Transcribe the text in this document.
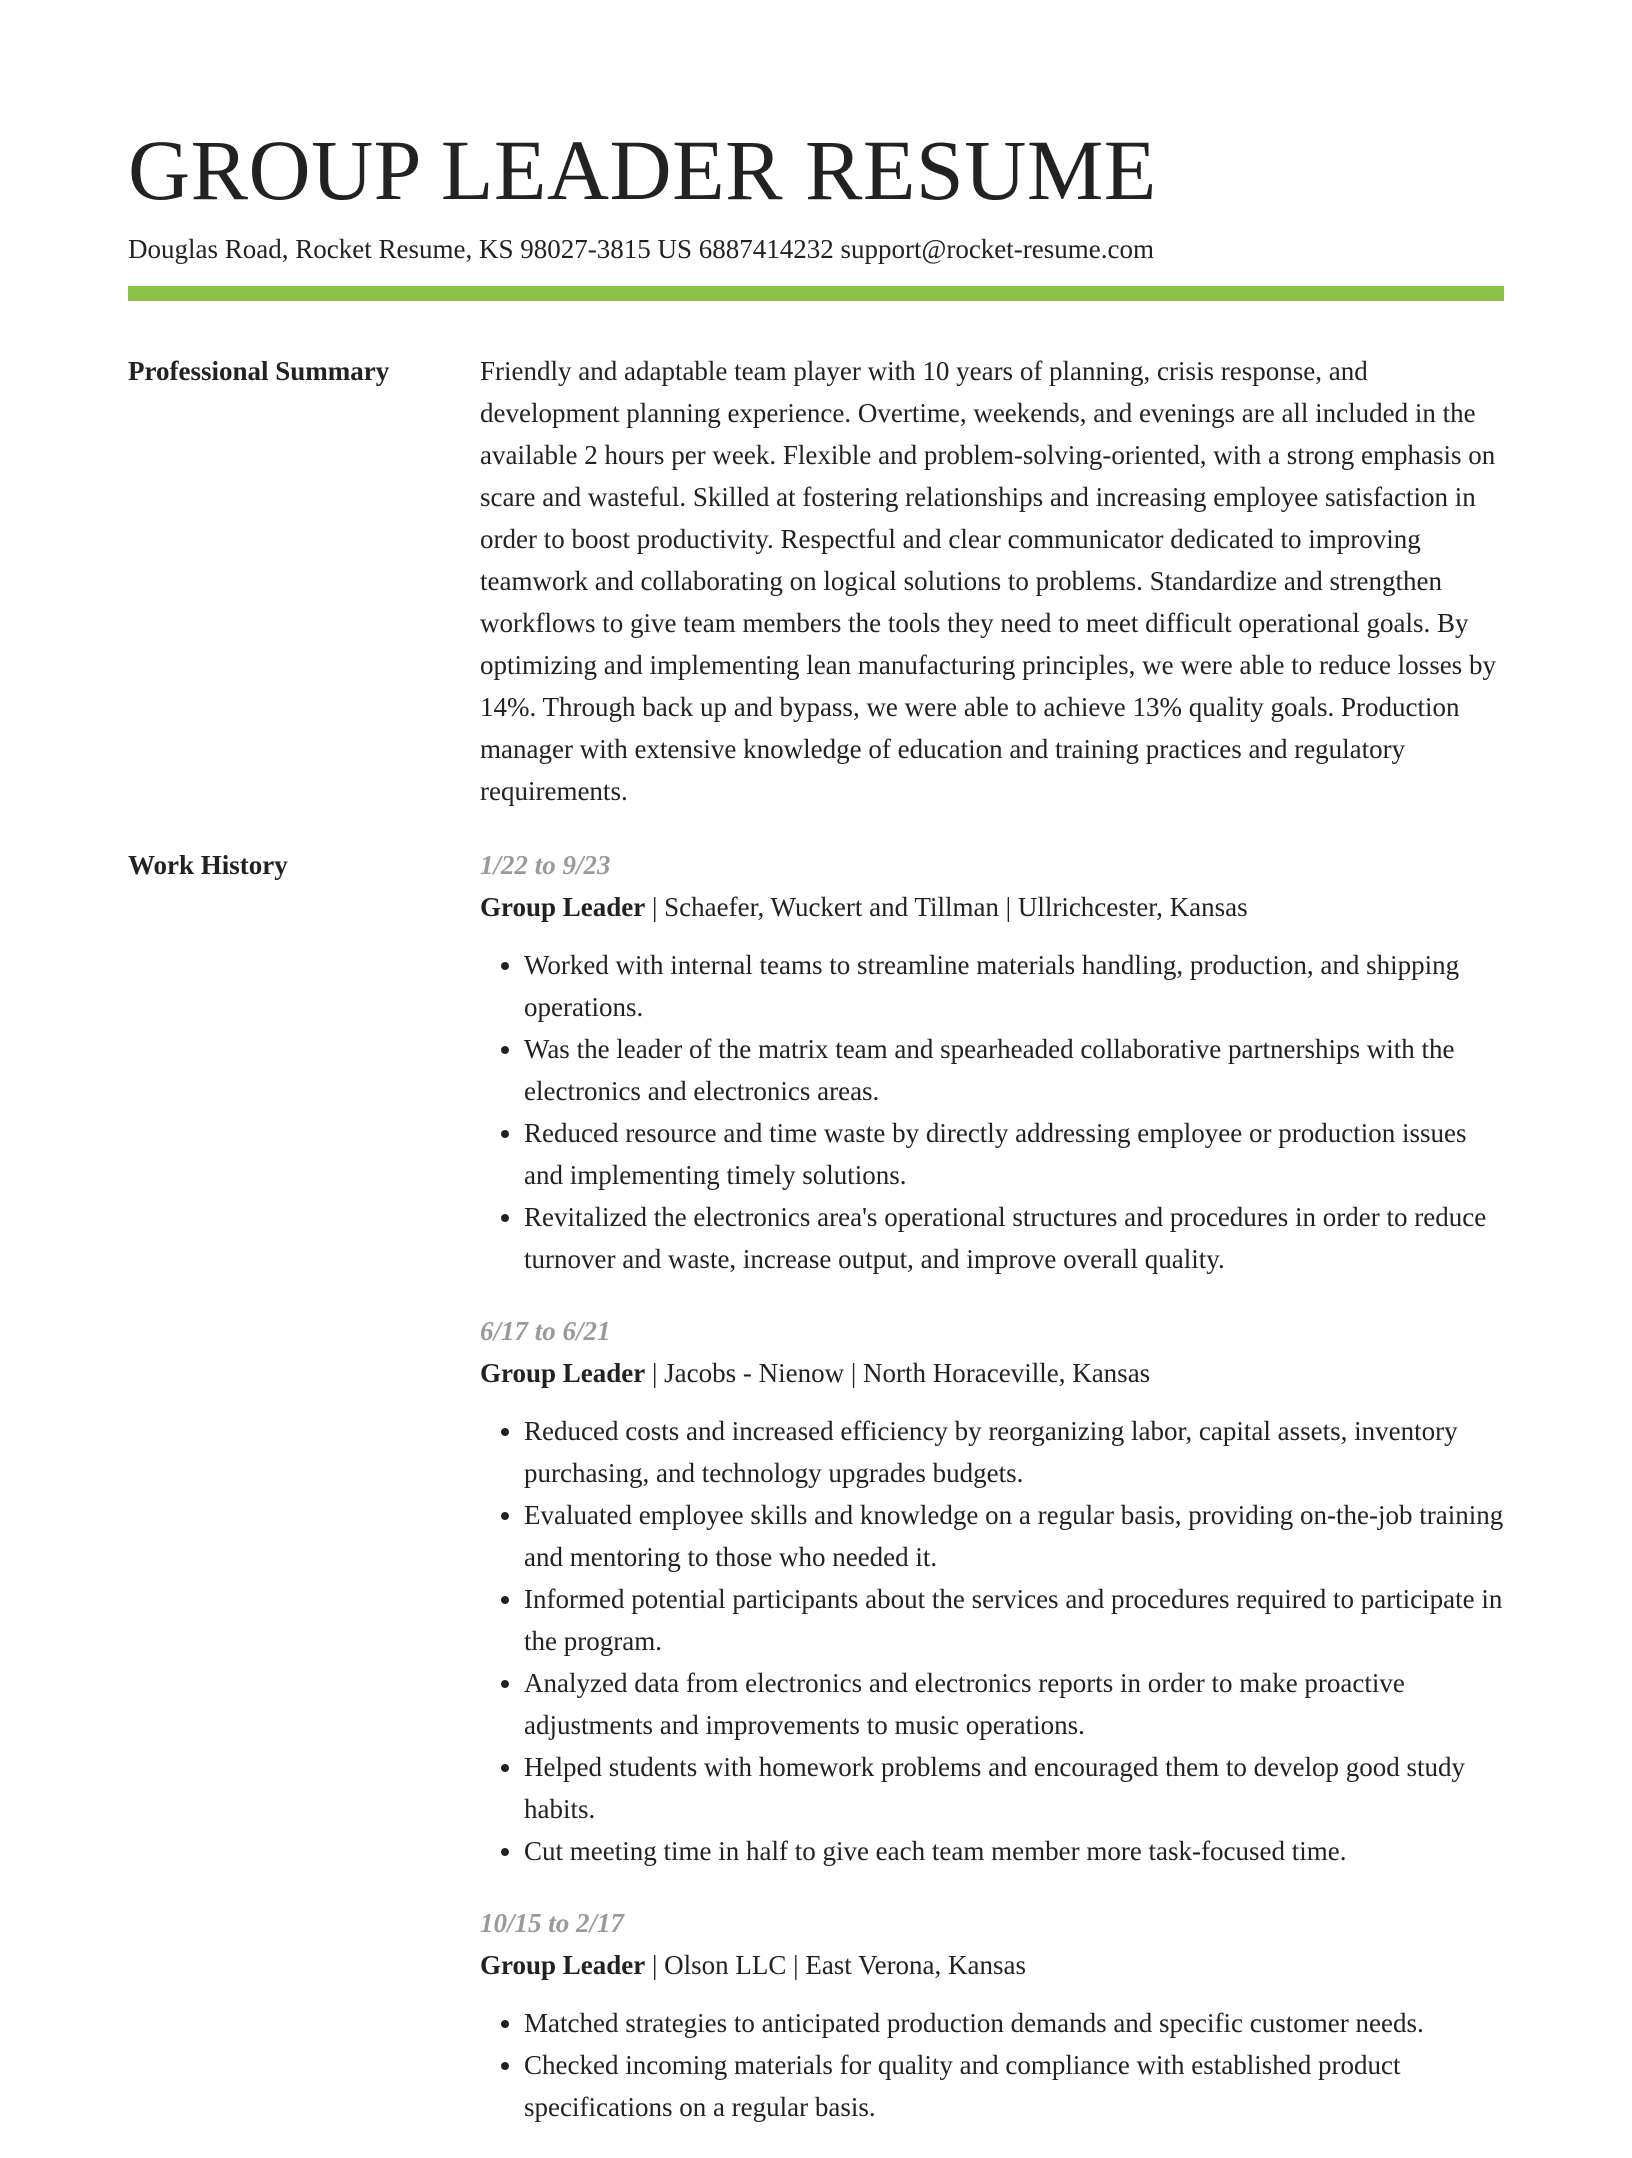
GROUP LEADER RESUME
Douglas Road, Rocket Resume, KS 98027-3815 US 6887414232 support@rocket-resume.com
Professional Summary	Friendly and adaptable team player with 10 years of planning, crisis response, and development planning experience. Overtime, weekends, and evenings are all included in the available 2 hours per week. Flexible and problem-solving-oriented, with a strong emphasis on scare and wasteful. Skilled at fostering relationships and increasing employee satisfaction in order to boost productivity. Respectful and clear communicator dedicated to improving teamwork and collaborating on logical solutions to problems. Standardize and strengthen workflows to give team members the tools they need to meet difficult operational goals. By optimizing and implementing lean manufacturing principles, we were able to reduce losses by 14%. Through back up and bypass, we were able to achieve 13% quality goals. Production manager with extensive knowledge of education and training practices and regulatory requirements.

Work History	1/22 to 9/23
Group Leader | Schaefer, Wuckert and Tillman | Ullrichcester, Kansas
• Worked with internal teams to streamline materials handling, production, and shipping operations.
• Was the leader of the matrix team and spearheaded collaborative partnerships with the electronics and electronics areas.
• Reduced resource and time waste by directly addressing employee or production issues and implementing timely solutions.
• Revitalized the electronics area's operational structures and procedures in order to reduce turnover and waste, increase output, and improve overall quality.
6/17 to 6/21
Group Leader | Jacobs - Nienow | North Horaceville, Kansas
• Reduced costs and increased efficiency by reorganizing labor, capital assets, inventory purchasing, and technology upgrades budgets.
• Evaluated employee skills and knowledge on a regular basis, providing on-the-job training and mentoring to those who needed it.
• Informed potential participants about the services and procedures required to participate in the program.
• Analyzed data from electronics and electronics reports in order to make proactive adjustments and improvements to music operations.
• Helped students with homework problems and encouraged them to develop good study habits.
• Cut meeting time in half to give each team member more task-focused time.
10/15 to 2/17
Group Leader | Olson LLC | East Verona, Kansas
• Matched strategies to anticipated production demands and specific customer needs.
• Checked incoming materials for quality and compliance with established product specifications on a regular basis.
